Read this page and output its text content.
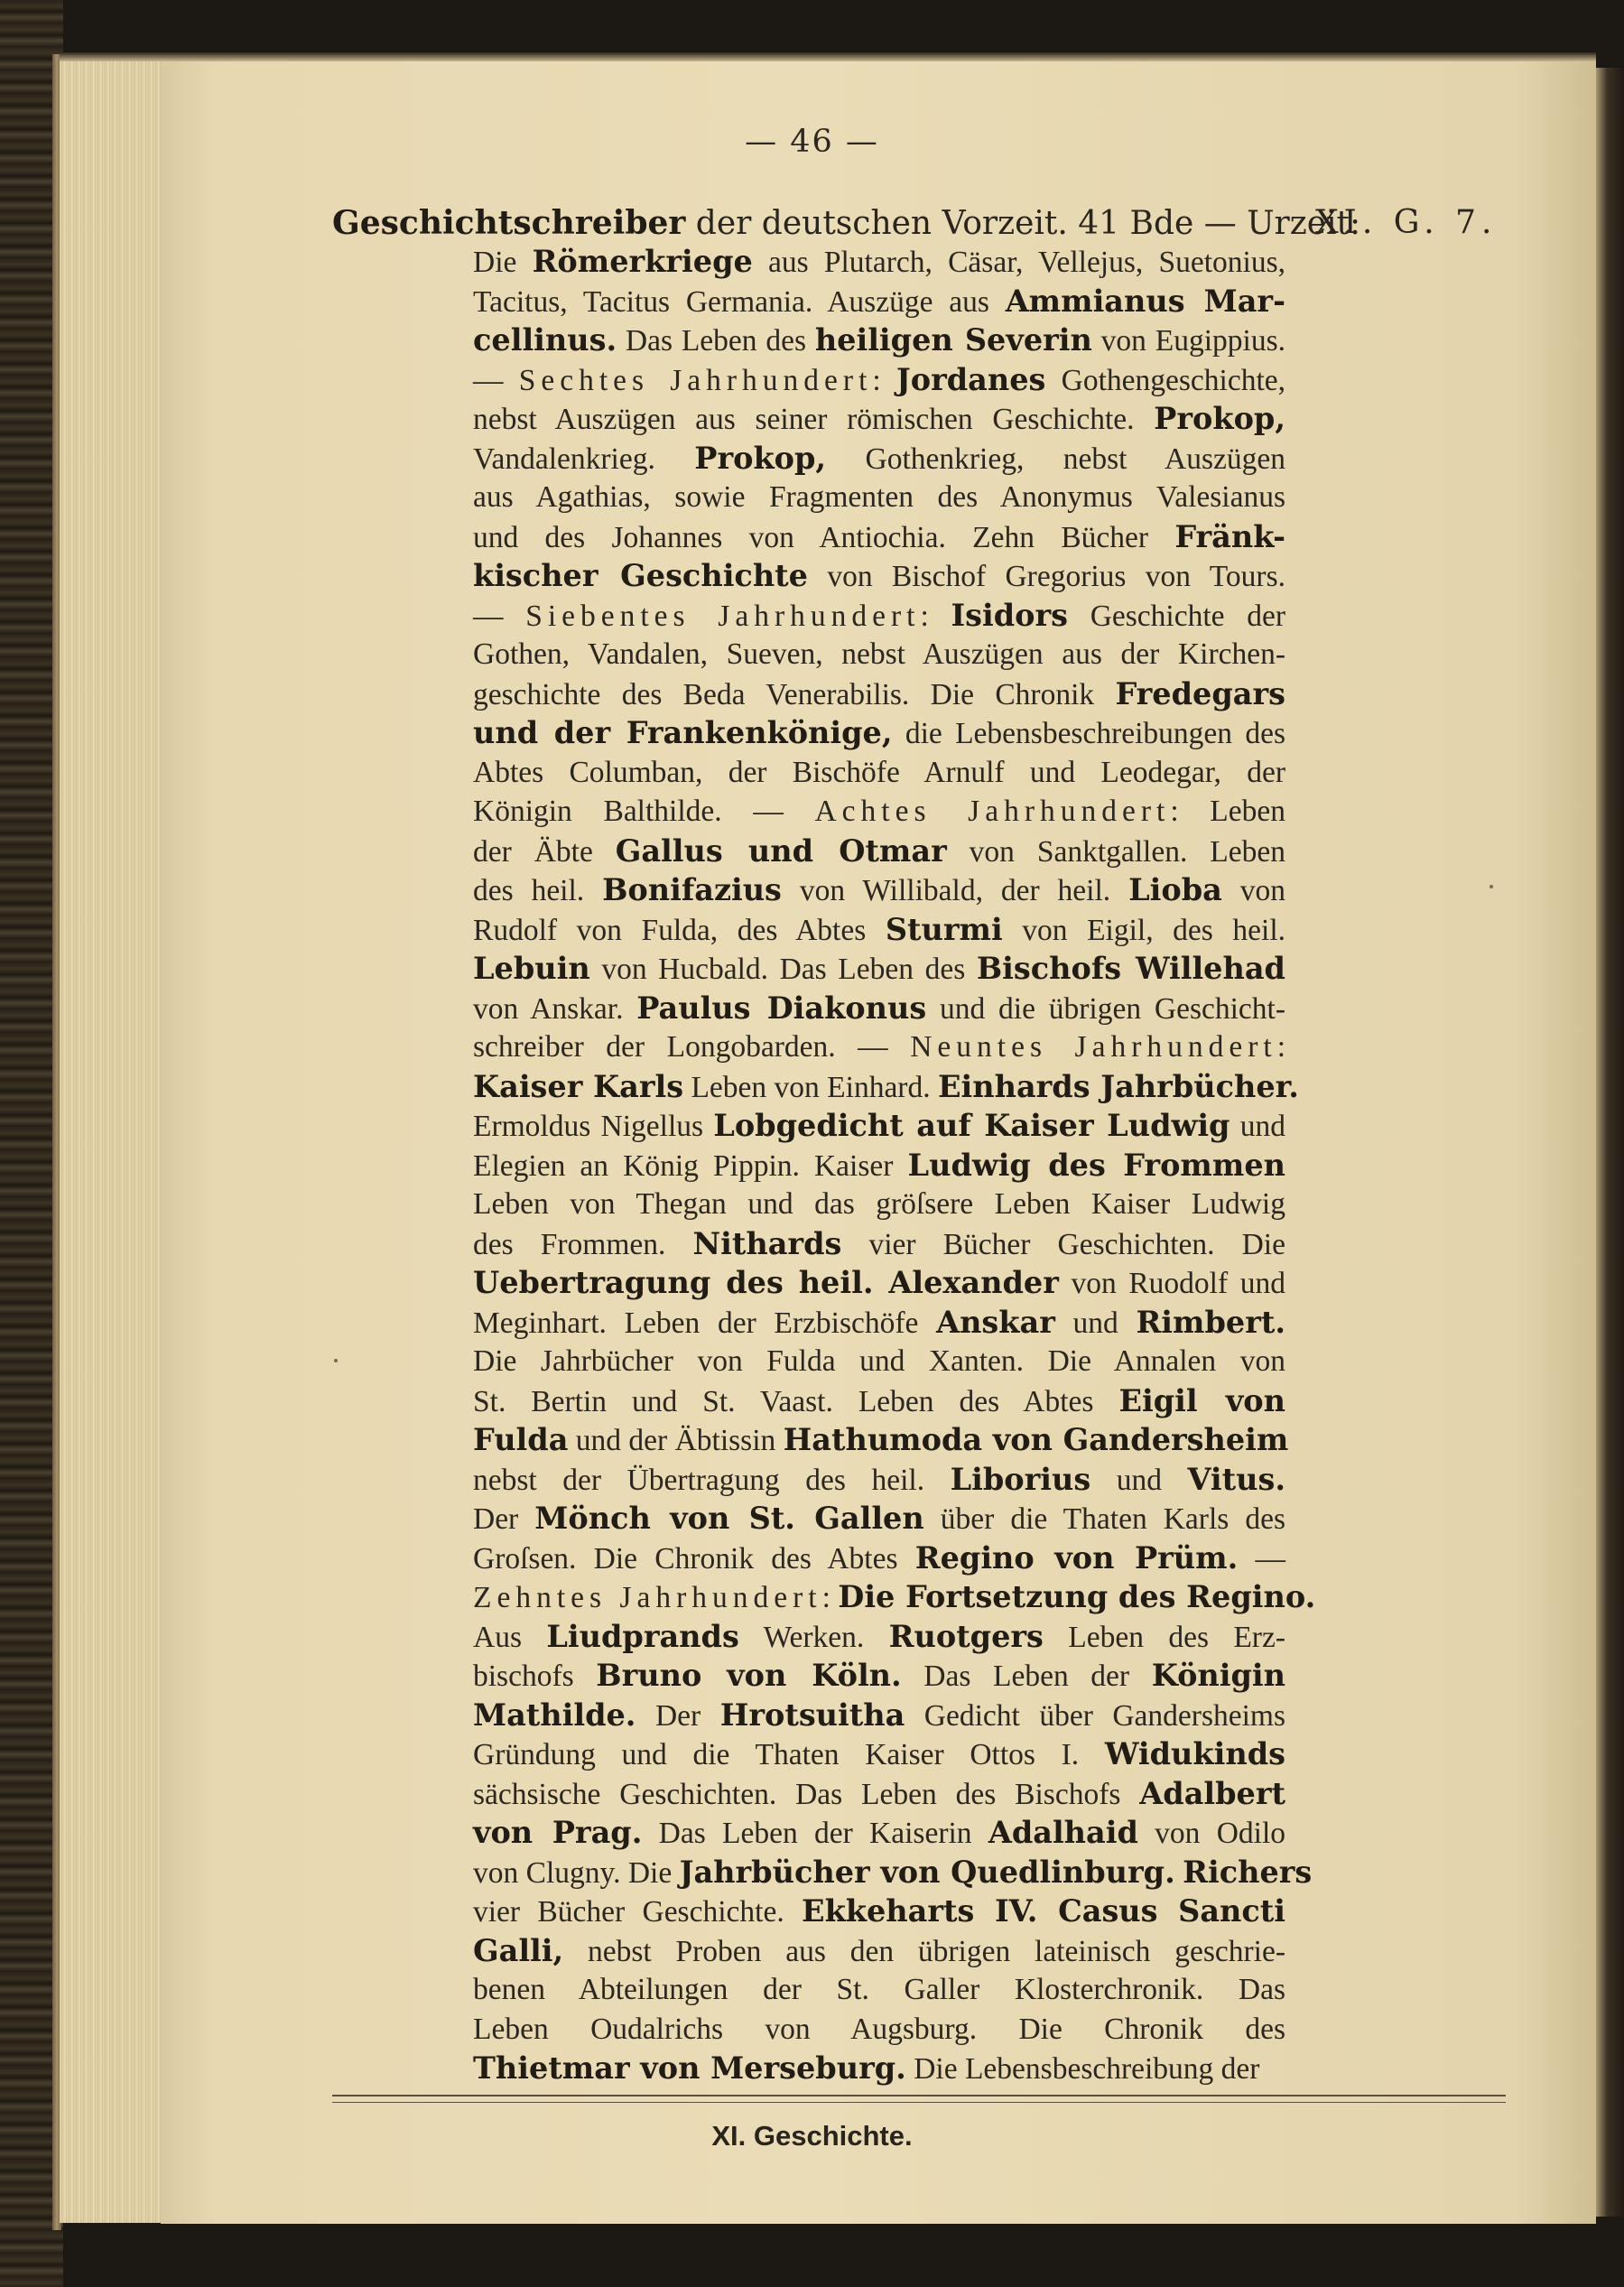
— 46 —
Geschichtschreiber der deutschen Vorzeit. 41 Bde — Urzeit:
XI. G. 7.
Die Römerkriege aus Plutarch, Cäsar, Vellejus, Suetonius,
Tacitus, Tacitus Germania. Auszüge aus Ammianus Mar-
cellinus. Das Leben des heiligen Severin von Eugippius.
— Sechtes Jahrhundert: Jordanes Gothengeschichte,
nebst Auszügen aus seiner römischen Geschichte. Prokop,
Vandalenkrieg. Prokop, Gothenkrieg, nebst Auszügen
aus Agathias, sowie Fragmenten des Anonymus Valesianus
und des Johannes von Antiochia. Zehn Bücher Fränk-
kischer Geschichte von Bischof Gregorius von Tours.
— Siebentes Jahrhundert: Isidors Geschichte der
Gothen, Vandalen, Sueven, nebst Auszügen aus der Kirchen-
geschichte des Beda Venerabilis. Die Chronik Fredegars
und der Frankenkönige, die Lebensbeschreibungen des
Abtes Columban, der Bischöfe Arnulf und Leodegar, der
Königin Balthilde. — Achtes Jahrhundert: Leben
der Äbte Gallus und Otmar von Sanktgallen. Leben
des heil. Bonifazius von Willibald, der heil. Lioba von
Rudolf von Fulda, des Abtes Sturmi von Eigil, des heil.
Lebuin von Hucbald. Das Leben des Bischofs Willehad
von Anskar. Paulus Diakonus und die übrigen Geschicht-
schreiber der Longobarden. — Neuntes Jahrhundert:
Kaiser Karls Leben von Einhard. Einhards Jahrbücher.
Ermoldus Nigellus Lobgedicht auf Kaiser Ludwig und
Elegien an König Pippin. Kaiser Ludwig des Frommen
Leben von Thegan und das gröſsere Leben Kaiser Ludwig
des Frommen. Nithards vier Bücher Geschichten. Die
Uebertragung des heil. Alexander von Ruodolf und
Meginhart. Leben der Erzbischöfe Anskar und Rimbert.
Die Jahrbücher von Fulda und Xanten. Die Annalen von
St. Bertin und St. Vaast. Leben des Abtes Eigil von
Fulda und der Äbtissin Hathumoda von Gandersheim
nebst der Übertragung des heil. Liborius und Vitus.
Der Mönch von St. Gallen über die Thaten Karls des
Groſsen. Die Chronik des Abtes Regino von Prüm. —
Zehntes Jahrhundert: Die Fortsetzung des Regino.
Aus Liudprands Werken. Ruotgers Leben des Erz-
bischofs Bruno von Köln. Das Leben der Königin
Mathilde. Der Hrotsuitha Gedicht über Gandersheims
Gründung und die Thaten Kaiser Ottos I. Widukinds
sächsische Geschichten. Das Leben des Bischofs Adalbert
von Prag. Das Leben der Kaiserin Adalhaid von Odilo
von Clugny. Die Jahrbücher von Quedlinburg. Richers
vier Bücher Geschichte. Ekkeharts IV. Casus Sancti
Galli, nebst Proben aus den übrigen lateinisch geschrie-
benen Abteilungen der St. Galler Klosterchronik. Das
Leben Oudalrichs von Augsburg. Die Chronik des
Thietmar von Merseburg. Die Lebensbeschreibung der
XI. Geschichte.
